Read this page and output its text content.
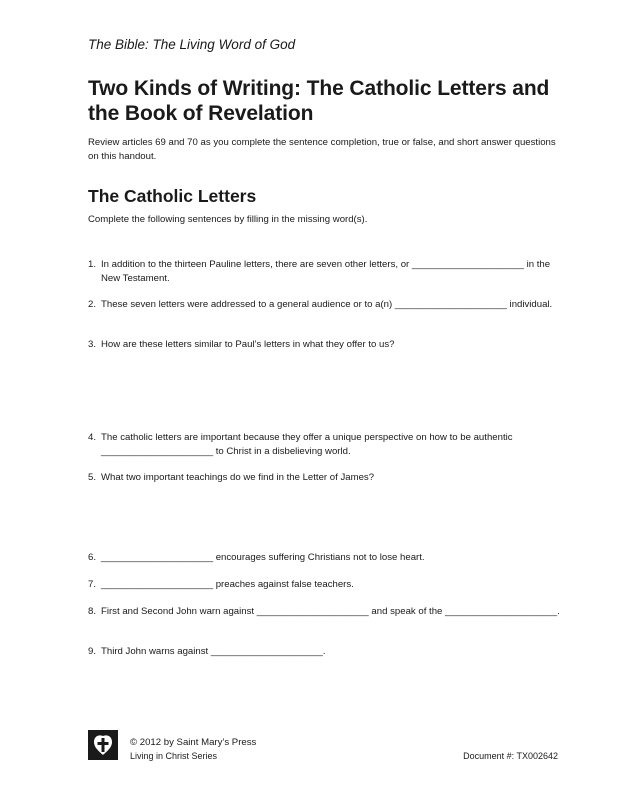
The Bible: The Living Word of God
Two Kinds of Writing: The Catholic Letters and the Book of Revelation

Review articles 69 and 70 as you complete the sentence completion, true or false, and short answer questions on this handout.

The Catholic Letters
Complete the following sentences by filling in the missing word(s).
1. In addition to the thirteen Pauline letters, there are seven other letters, or _____________________ in the New Testament.
2. These seven letters were addressed to a general audience or to a(n) _____________________ individual.
3. How are these letters similar to Paul’s letters in what they offer to us?
4. The catholic letters are important because they offer a unique perspective on how to be authentic _____________________ to Christ in a disbelieving world.
5. What two important teachings do we find in the Letter of James?
6. _____________________ encourages suffering Christians not to lose heart.
7. _____________________ preaches against false teachers.
8. First and Second John warn against _____________________ and speak of the _____________________.
9. Third John warns against _____________________.
© 2012 by Saint Mary’s Press
Living in Christ Series	Document #: TX002642
